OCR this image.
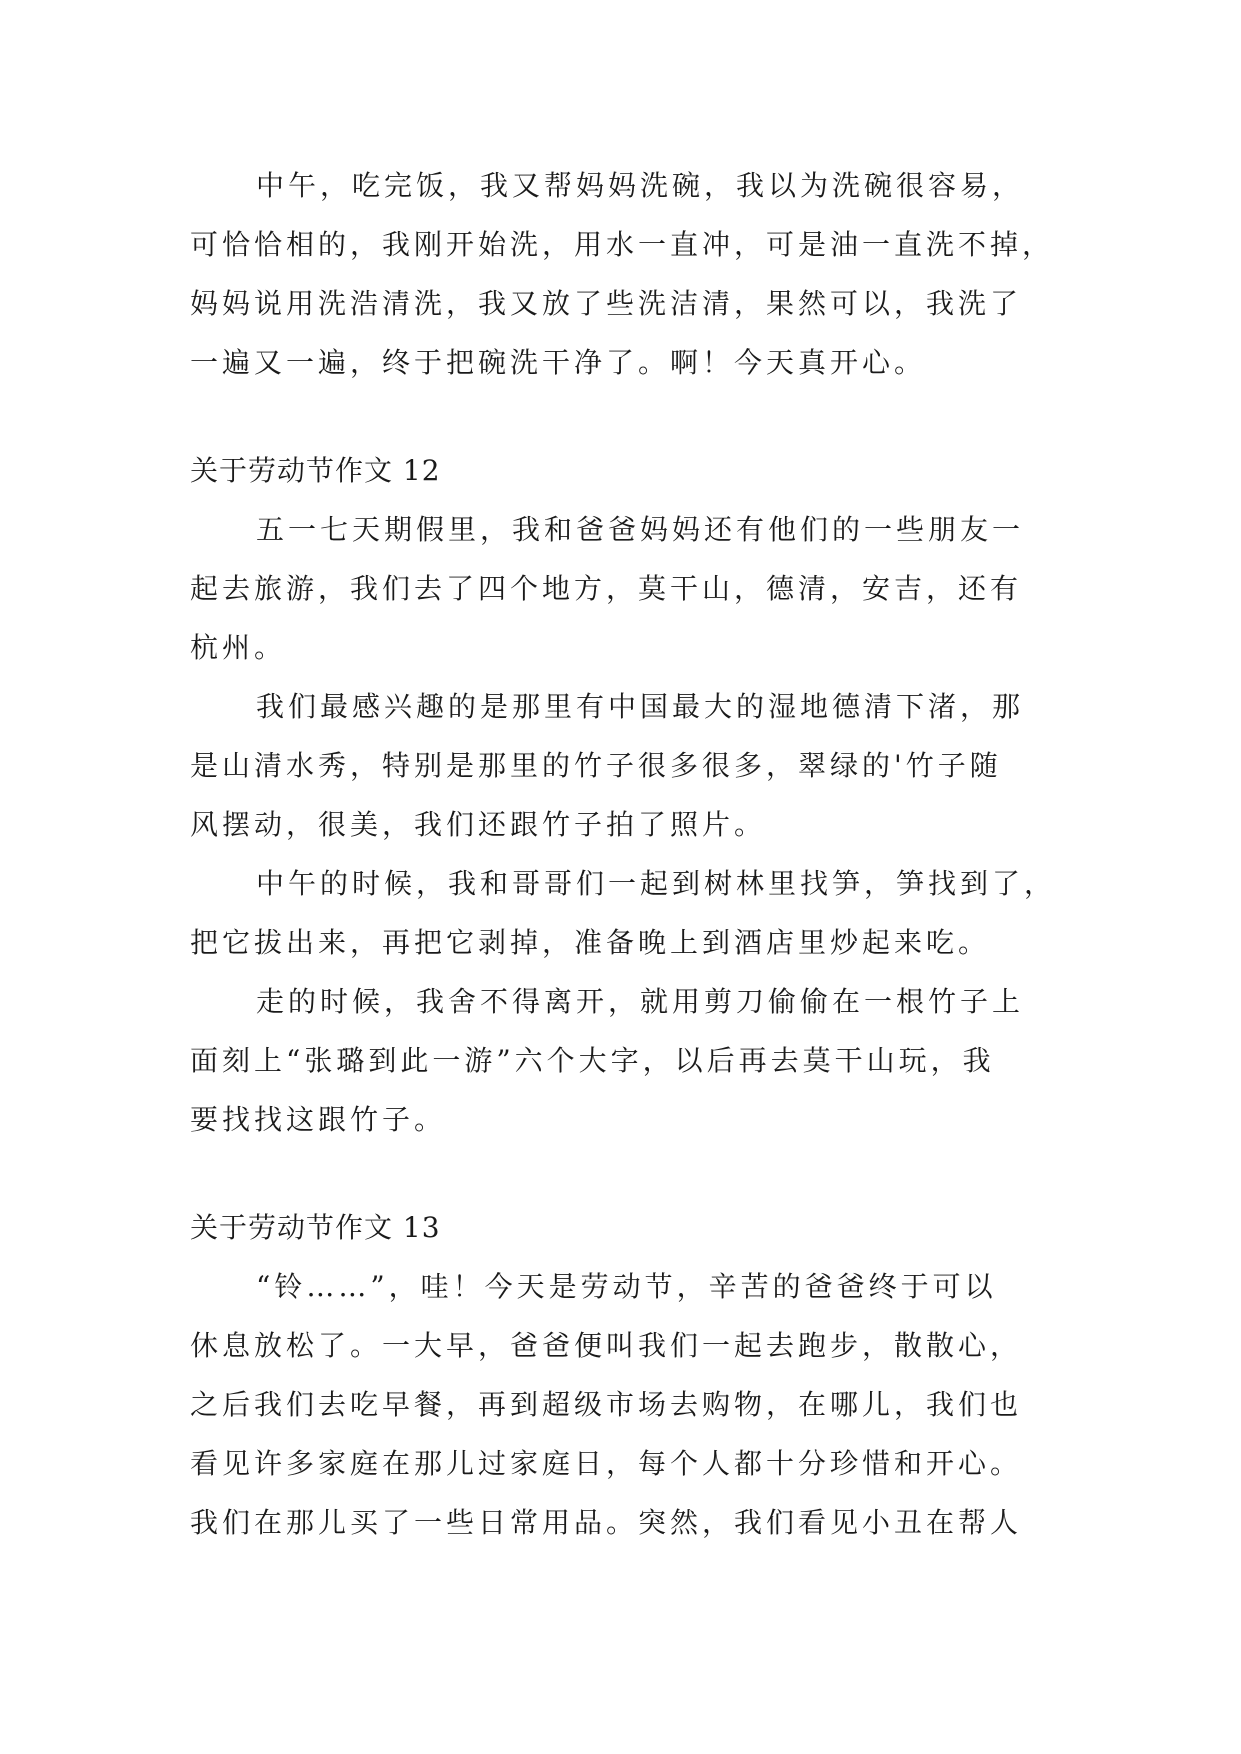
中午，吃完饭，我又帮妈妈洗碗，我以为洗碗很容易，
可恰恰相的，我刚开始洗，用水一直冲，可是油一直洗不掉，
妈妈说用洗浩清洗，我又放了些洗洁清，果然可以，我洗了
一遍又一遍，终于把碗洗干净了。啊！今天真开心。
关于劳动节作文 12
五一七天期假里，我和爸爸妈妈还有他们的一些朋友一
起去旅游，我们去了四个地方，莫干山，德清，安吉，还有
杭州。
我们最感兴趣的是那里有中国最大的湿地德清下渚，那
是山清水秀，特别是那里的竹子很多很多，翠绿的'竹子随
风摆动，很美，我们还跟竹子拍了照片。
中午的时候，我和哥哥们一起到树林里找笋，笋找到了，
把它拔出来，再把它剥掉，准备晚上到酒店里炒起来吃。
走的时候，我舍不得离开，就用剪刀偷偷在一根竹子上
面刻上“张璐到此一游”六个大字，以后再去莫干山玩，我
要找找这跟竹子。
关于劳动节作文 13
“铃……”，哇！今天是劳动节，辛苦的爸爸终于可以
休息放松了。一大早，爸爸便叫我们一起去跑步，散散心，
之后我们去吃早餐，再到超级市场去购物，在哪儿，我们也
看见许多家庭在那儿过家庭日，每个人都十分珍惜和开心。
我们在那儿买了一些日常用品。突然，我们看见小丑在帮人
